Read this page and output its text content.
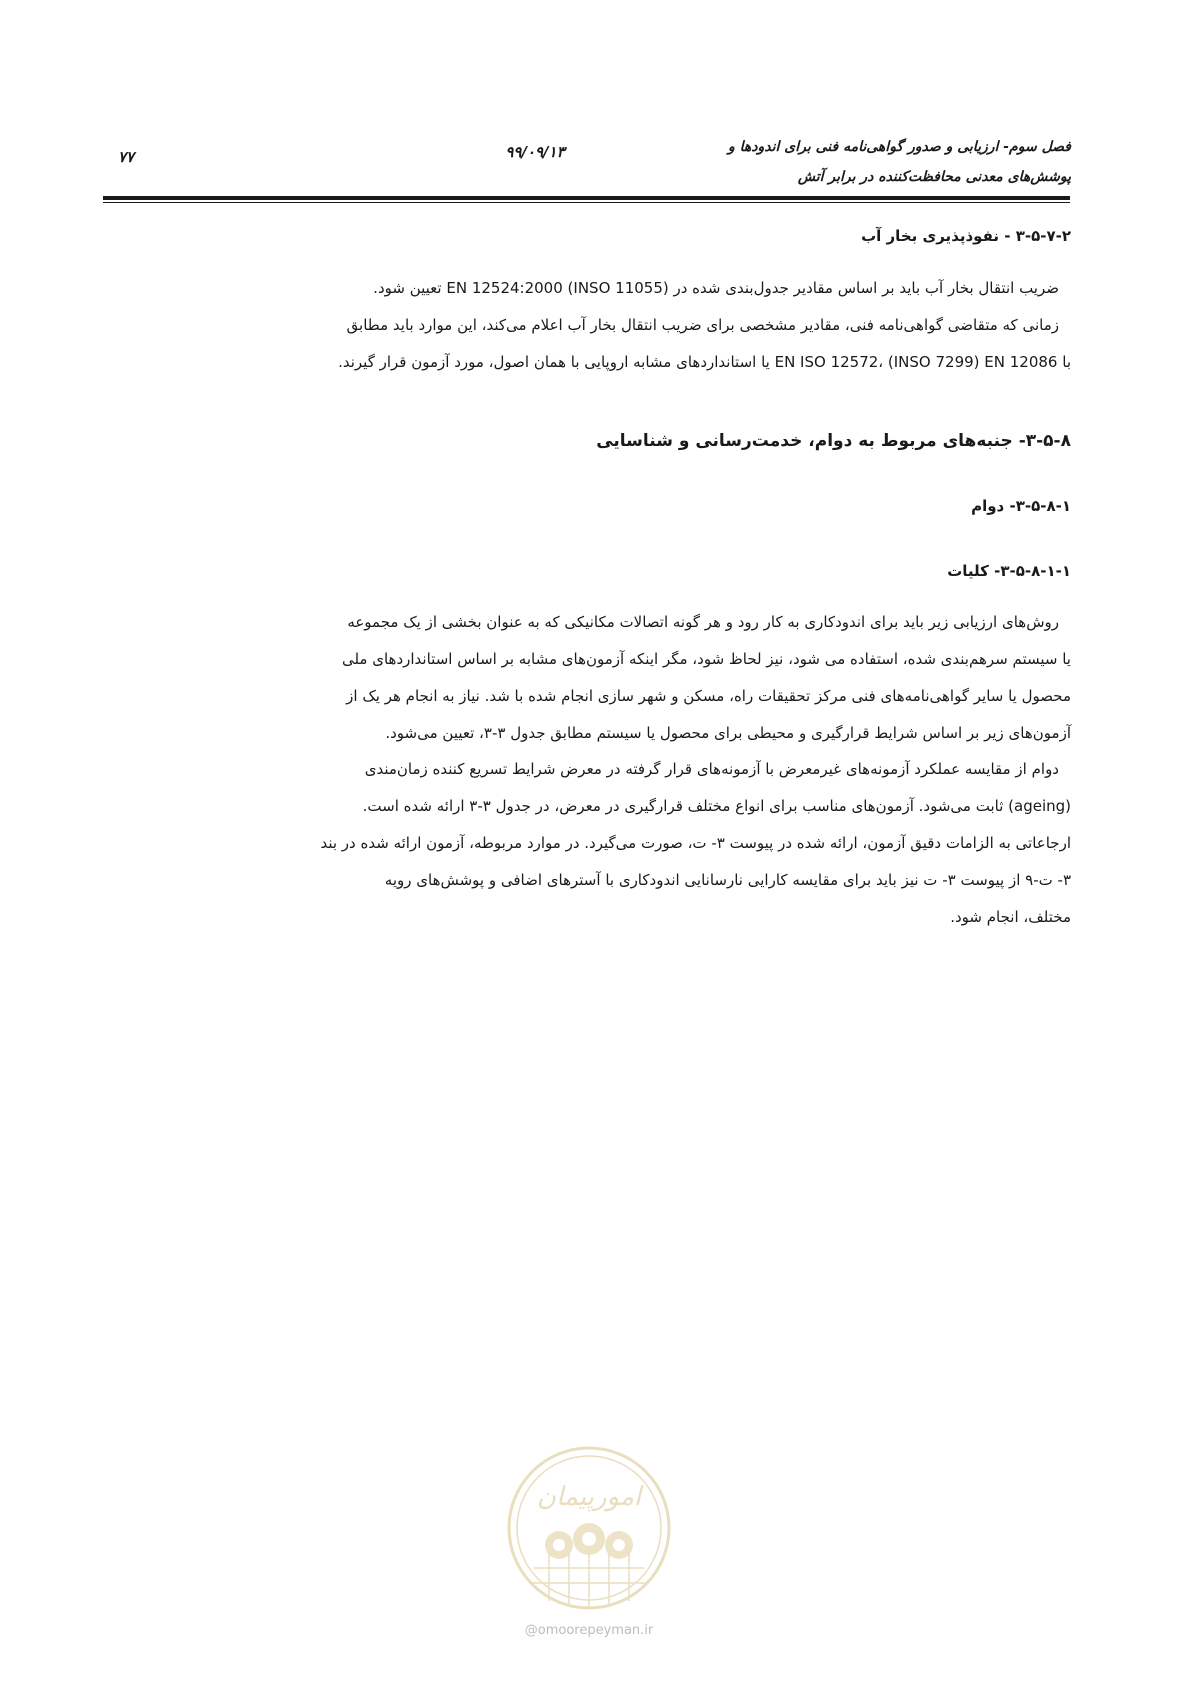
فصل سوم- ارزیابی و صدور گواهی‌نامه فنی برای اندودها و
پوشش‌های معدنی محافظت‌کننده در برابر آتش
۹۹/۰۹/۱۳
۷۷
۳-۵-۷-۲ - نفوذپذیری بخار آب
ضریب انتقال بخار آب باید بر اساس مقادیر جدول‌بندی شده در (INSO 11055) EN 12524:2000 تعیین شود.
زمانی که متقاضی گواهی‌نامه فنی، مقادیر مشخصی برای ضریب انتقال بخار آب اعلام می‌کند، این موارد باید مطابق
با EN ISO 12572، (INSO 7299) EN 12086 یا استانداردهای مشابه اروپایی با همان اصول، مورد آزمون قرار گیرند.
۳-۵-۸- جنبه‌های مربوط به دوام، خدمت‌رسانی و شناسایی
۳-۵-۸-۱- دوام
۳-۵-۸-۱-۱- کلیات
روش‌های ارزیابی زیر باید برای اندودکاری به کار رود و هر گونه اتصالات مکانیکی که به عنوان بخشی از یک مجموعه
یا سیستم سرهم‌بندی شده، استفاده می شود، نیز لحاظ شود، مگر اینکه آزمون‌های مشابه بر اساس استانداردهای ملی
محصول یا سایر گواهی‌نامه‌های فنی مرکز تحقیقات راه، مسکن و شهر سازی انجام شده با شد. نیاز به انجام هر یک از
آزمون‌های زیر بر اساس شرایط قرارگیری و محیطی برای محصول یا سیستم مطابق جدول ۳-۳، تعیین می‌شود.
دوام از مقایسه عملکرد آزمونه‌های غیرمعرض با آزمونه‌های قرار گرفته در معرض شرایط تسریع کننده زمان‌مندی
(ageing) ثابت می‌شود. آزمون‌های مناسب برای انواع مختلف قرارگیری در معرض، در جدول ۳-۳ ارائه شده است.
ارجاعاتی به الزامات دقیق آزمون، ارائه شده در پیوست ۳- ت، صورت می‌گیرد. در موارد مربوطه، آزمون ارائه شده در بند
۳- ت-۹ از پیوست ۳- ت نیز باید برای مقایسه کارایی نارسانایی اندودکاری با آسترهای اضافی و پوشش‌های رویه
مختلف، انجام شود.
امورپیمان
@omoorepeyman.ir
